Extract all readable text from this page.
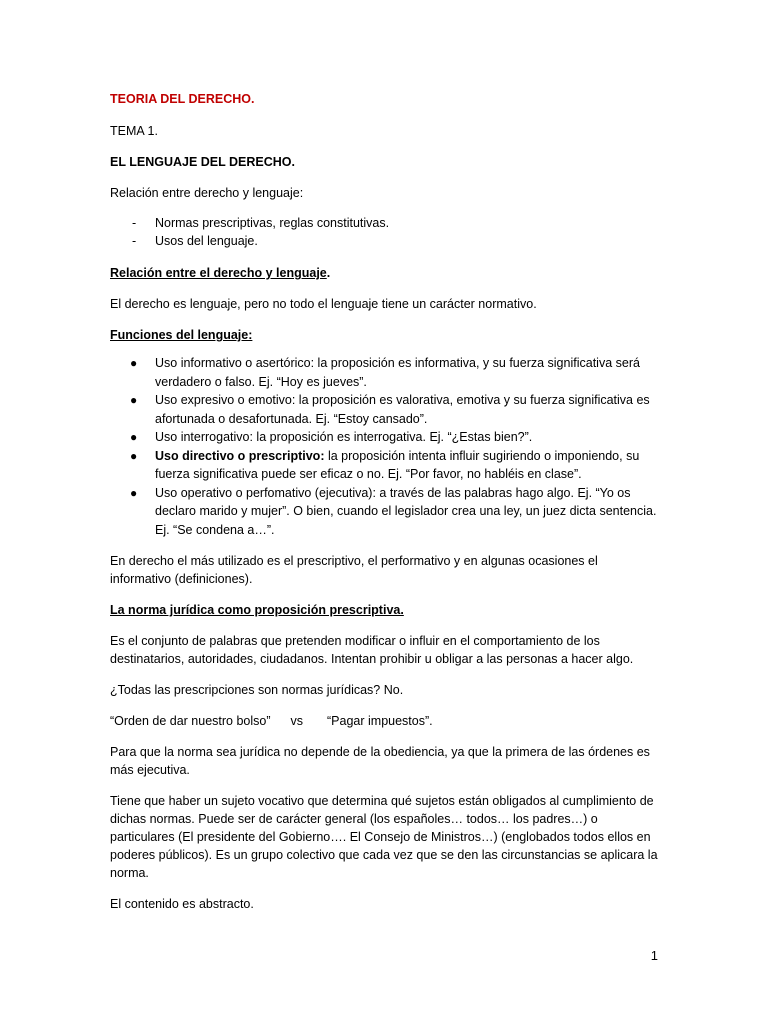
TEORIA DEL DERECHO.

TEMA 1.

EL LENGUAJE DEL DERECHO.

Relación entre derecho y lenguaje:

- Normas prescriptivas, reglas constitutivas.
- Usos del lenguaje.

Relación entre el derecho y lenguaje.

El derecho es lenguaje, pero no todo el lenguaje tiene un carácter normativo.

Funciones del lenguaje:

● Uso informativo o asertórico: la proposición es informativa, y su fuerza significativa será verdadero o falso. Ej. “Hoy es jueves”.
● Uso expresivo o emotivo: la proposición es valorativa, emotiva y su fuerza significativa es afortunada o desafortunada. Ej. “Estoy cansado”.
● Uso interrogativo: la proposición es interrogativa. Ej. “¿Estas bien?”.
● Uso directivo o prescriptivo: la proposición intenta influir sugiriendo o imponiendo, su fuerza significativa puede ser eficaz o no. Ej. “Por favor, no habléis en clase”.
● Uso operativo o perfomativo (ejecutiva): a través de las palabras hago algo. Ej. “Yo os declaro marido y mujer”. O bien, cuando el legislador crea una ley, un juez dicta sentencia. Ej. “Se condena a…”.

En derecho el más utilizado es el prescriptivo, el performativo y en algunas ocasiones el informativo (definiciones).

La norma jurídica como proposición prescriptiva.

Es el conjunto de palabras que pretenden modificar o influir en el comportamiento de los destinatarios, autoridades, ciudadanos. Intentan prohibir u obligar a las personas a hacer algo.

¿Todas las prescripciones son normas jurídicas? No.

“Orden de dar nuestro bolso” vs “Pagar impuestos”.

Para que la norma sea jurídica no depende de la obediencia, ya que la primera de las órdenes es más ejecutiva.

Tiene que haber un sujeto vocativo que determina qué sujetos están obligados al cumplimiento de dichas normas. Puede ser de carácter general (los españoles… todos… los padres…) o particulares (El presidente del Gobierno…. El Consejo de Ministros…) (englobados todos ellos en poderes públicos). Es un grupo colectivo que cada vez que se den las circunstancias se aplicara la norma.

El contenido es abstracto.

1
